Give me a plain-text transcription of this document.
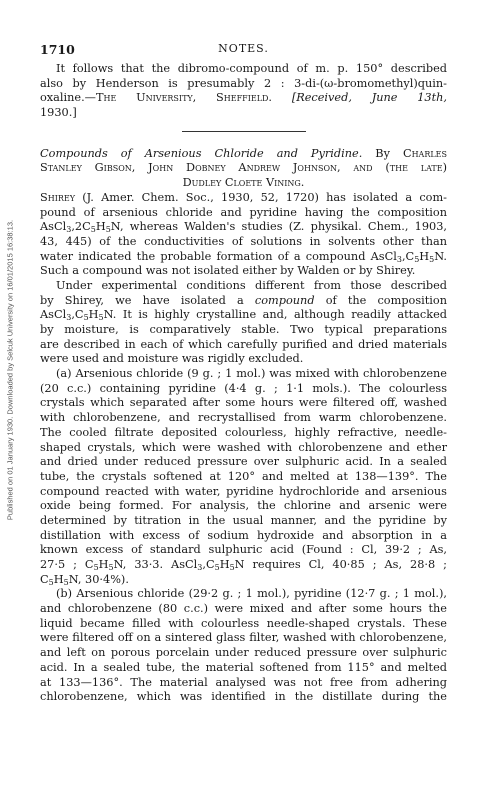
Published on 01 January 1930. Downloaded by Selcuk University on 16/01/2015 16:38:13.
1710	NOTES.
It follows that the dibromo-compound of m. p. 150° described
also by Henderson is presumably 2 : 3-di-(ω-bromomethyl)quin-
oxaline.—The University, Sheffield. [Received, June 13th,
1930.]
Compounds of Arsenious Chloride and Pyridine. By Charles
Stanley Gibson, John Dobney Andrew Johnson, and (the late)
Dudley Cloete Vining.
Shirey (J. Amer. Chem. Soc., 1930, 52, 1720) has isolated a com-
pound of arsenious chloride and pyridine having the composition
$AsCl_3,2C_5H_5N$, whereas Walden's studies (Z. physikal. Chem., 1903,
43, 445) of the conductivities of solutions in solvents other than
water indicated the probable formation of a compound $AsCl_3,C_5H_5N$.
Such a compound was not isolated either by Walden or by Shirey.
Under experimental conditions different from those described
by Shirey, we have isolated a compound of the composition
$AsCl_3,C_5H_5N$. It is highly crystalline and, although readily attacked
by moisture, is comparatively stable. Two typical preparations
are described in each of which carefully purified and dried materials
were used and moisture was rigidly excluded.
(a) Arsenious chloride (9 g. ; 1 mol.) was mixed with chlorobenzene
(20 c.c.) containing pyridine (4·4 g. ; 1·1 mols.). The colourless
crystals which separated after some hours were filtered off, washed
with chlorobenzene, and recrystallised from warm chlorobenzene.
The cooled filtrate deposited colourless, highly refractive, needle-
shaped crystals, which were washed with chlorobenzene and ether
and dried under reduced pressure over sulphuric acid. In a sealed
tube, the crystals softened at 120° and melted at 138—139°. The
compound reacted with water, pyridine hydrochloride and arsenious
oxide being formed. For analysis, the chlorine and arsenic were
determined by titration in the usual manner, and the pyridine by
distillation with excess of sodium hydroxide and absorption in a
known excess of standard sulphuric acid (Found : Cl, 39·2 ; As,
27·5 ; $C_5H_5N$, 33·3. $AsCl_3,C_5H_5N$ requires Cl, 40·85 ; As, 28·8 ;
$C_5H_5N$, 30·4%).
(b) Arsenious chloride (29·2 g. ; 1 mol.), pyridine (12·7 g. ; 1 mol.),
and chlorobenzene (80 c.c.) were mixed and after some hours the
liquid became filled with colourless needle-shaped crystals. These
were filtered off on a sintered glass filter, washed with chlorobenzene,
and left on porous porcelain under reduced pressure over sulphuric
acid. In a sealed tube, the material softened from 115° and melted
at 133—136°. The material analysed was not free from adhering
chlorobenzene, which was identified in the distillate during the
